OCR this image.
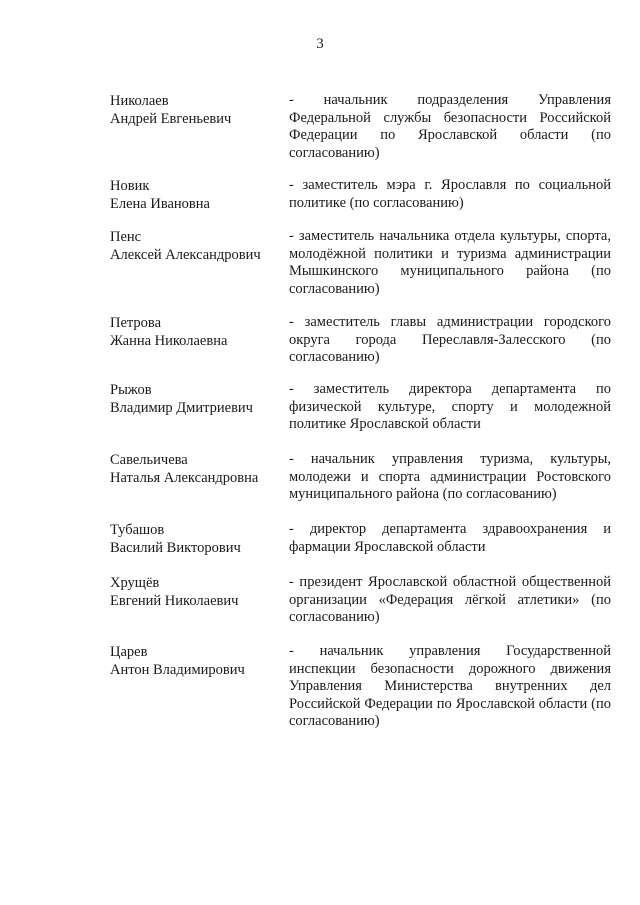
3
Николаев
Андрей Евгеньевич
- начальник подразделения Управления Федеральной службы безопасности Российской Федерации по Ярославской области (по согласованию)
Новик
Елена Ивановна
- заместитель мэра г. Ярославля по социальной политике (по согласованию)
Пенс
Алексей Александрович
- заместитель начальника отдела культуры, спорта, молодёжной политики и туризма администрации Мышкинского муниципального района (по согласованию)
Петрова
Жанна Николаевна
- заместитель главы администрации городского округа города Переславля-Залесского (по согласованию)
Рыжов
Владимир Дмитриевич
- заместитель директора департамента по физической культуре, спорту и молодежной политике Ярославской области
Савельичева
Наталья Александровна
- начальник управления туризма, культуры, молодежи и спорта администрации Ростовского муниципального района (по согласованию)
Тубашов
Василий Викторович
- директор департамента здравоохранения и фармации Ярославской области
Хрущёв
Евгений Николаевич
- президент Ярославской областной общественной организации «Федерация лёгкой атлетики» (по согласованию)
Царев
Антон Владимирович
- начальник управления Государственной инспекции безопасности дорожного движения Управления Министерства внутренних дел Российской Федерации по Ярославской области (по согласованию)
